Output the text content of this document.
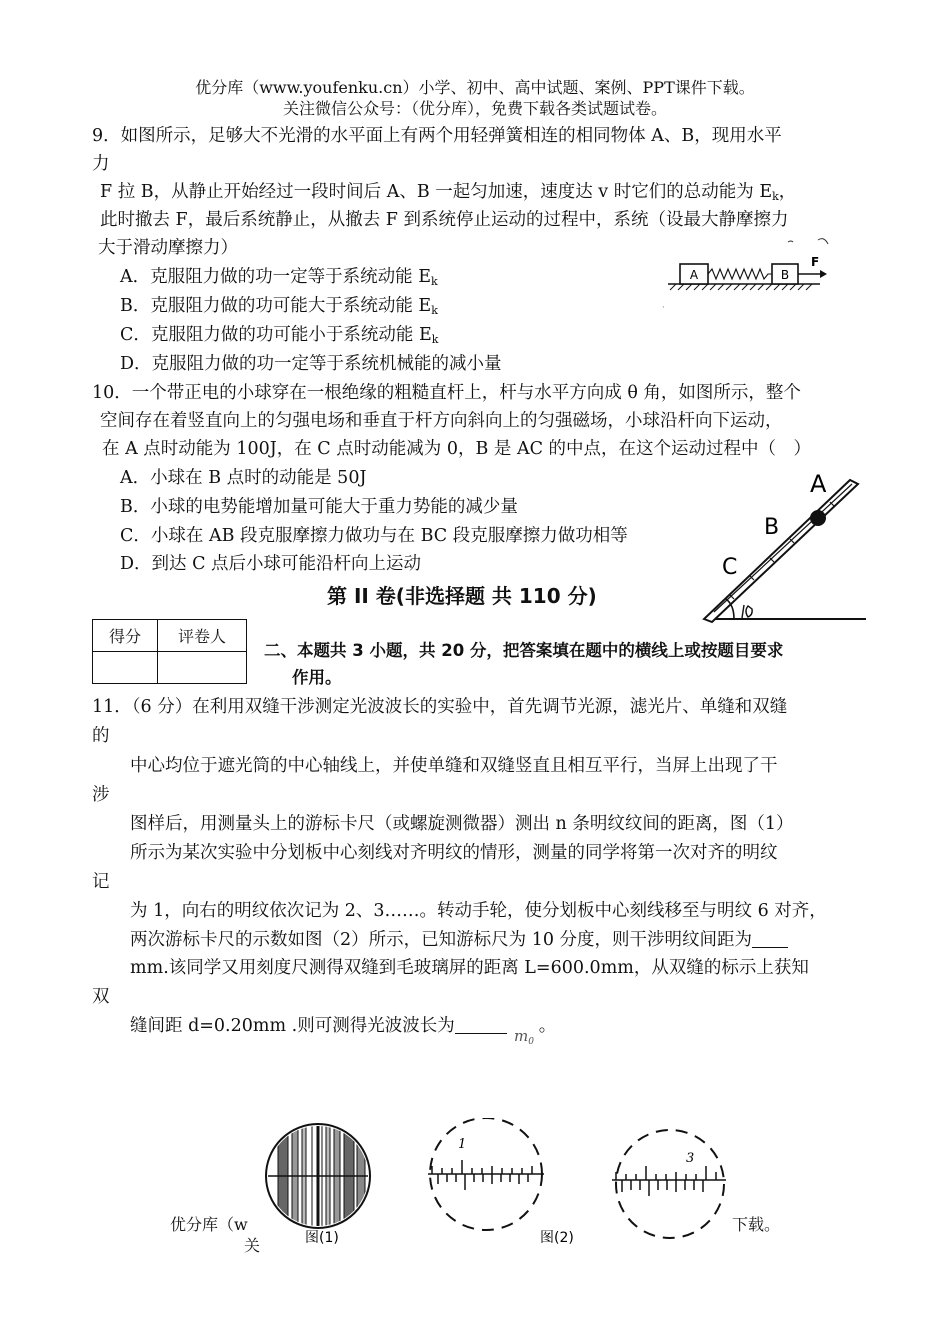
优分库（www.youfenku.cn）小学、初中、高中试题、案例、PPT课件下载。
关注微信公众号：（优分库），免费下载各类试题试卷。
9．如图所示，足够大不光滑的水平面上有两个用轻弹簧相连的相同物体 A、B，现用水平
力
F 拉 B，从静止开始经过一段时间后 A、B 一起匀加速，速度达 v 时它们的总动能为 $E_k$，
此时撤去 F，最后系统静止，从撤去 F 到系统停止运动的过程中，系统（设最大静摩擦力
大于滑动摩擦力）
A．克服阻力做的功一定等于系统动能 $E_k$
B．克服阻力做的功可能大于系统动能 $E_k$
C．克服阻力做的功可能小于系统动能 $E_k$
D．克服阻力做的功一定等于系统机械能的减小量
A	B
F
·
10．一个带正电的小球穿在一根绝缘的粗糙直杆上，杆与水平方向成 θ 角，如图所示，整个
空间存在着竖直向上的匀强电场和垂直于杆方向斜向上的匀强磁场，小球沿杆向下运动，
在 A 点时动能为 100J，在 C 点时动能减为 0，B 是 AC 的中点，在这个运动过程中（　）
A．小球在 B 点时的动能是 50J
B．小球的电势能增加量可能大于重力势能的减少量
C．小球在 AB 段克服摩擦力做功与在 BC 段克服摩擦力做功相等
D．到达 C 点后小球可能沿杆向上运动
A
B
C
第 II 卷(非选择题 共 110 分)
得分	评卷人

二、本题共 3 小题，共 20 分，把答案填在题中的横线上或按题目要求
作用。
11．（6 分）在利用双缝干涉测定光波波长的实验中，首先调节光源，滤光片、单缝和双缝
的
中心均位于遮光筒的中心轴线上，并使单缝和双缝竖直且相互平行，当屏上出现了干
涉
图样后，用测量头上的游标卡尺（或螺旋测微器）测出 n 条明纹纹间的距离，图（1）
所示为某次实验中分划板中心刻线对齐明纹的情形，测量的同学将第一次对齐的明纹
记
为 1，向右的明纹依次记为 2、3……。转动手轮，使分划板中心刻线移至与明纹 6 对齐，
两次游标卡尺的示数如图（2）所示，已知游标尺为 10 分度，则干涉明纹间距为
mm.该同学又用刻度尺测得双缝到毛玻璃屏的距离 L=600.0mm，从双缝的标示上获知
双
缝间距 d=0.20mm .则可测得光波波长为	。
$m_0$
图(1)
1
图(2)
3
优分库（w	下载。
关
